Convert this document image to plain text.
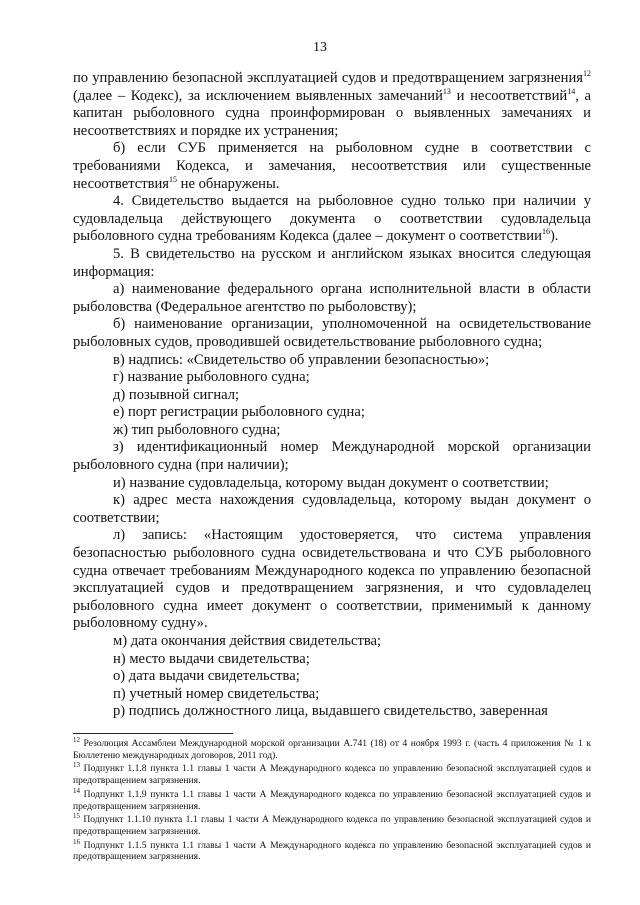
13

по управлению безопасной эксплуатацией судов и предотвращением загрязнения$^{12}$ (далее – Кодекс), за исключением выявленных замечаний$^{13}$ и несоответствий$^{14}$, а капитан рыболовного судна проинформирован о выявленных замечаниях и несоответствиях и порядке их устранения;

б) если СУБ применяется на рыболовном судне в соответствии с требованиями Кодекса, и замечания, несоответствия или существенные несоответствия$^{15}$ не обнаружены.

4. Свидетельство выдается на рыболовное судно только при наличии у судовладельца действующего документа о соответствии судовладельца рыболовного судна требованиям Кодекса (далее – документ о соответствии$^{16}$).

5. В свидетельство на русском и английском языках вносится следующая информация:

а) наименование федерального органа исполнительной власти в области рыболовства (Федеральное агентство по рыболовству);

б) наименование организации, уполномоченной на освидетельствование рыболовных судов, проводившей освидетельствование рыболовного судна;

в) надпись: «Свидетельство об управлении безопасностью»;

г) название рыболовного судна;

д) позывной сигнал;

е) порт регистрации рыболовного судна;

ж) тип рыболовного судна;

з) идентификационный номер Международной морской организации рыболовного судна (при наличии);

и) название судовладельца, которому выдан документ о соответствии;

к) адрес места нахождения судовладельца, которому выдан документ о соответствии;

л) запись: «Настоящим удостоверяется, что система управления безопасностью рыболовного судна освидетельствована и что СУБ рыболовного судна отвечает требованиям Международного кодекса по управлению безопасной эксплуатацией судов и предотвращением загрязнения, и что судовладелец рыболовного судна имеет документ о соответствии, применимый к данному рыболовному судну».

м) дата окончания действия свидетельства;

н) место выдачи свидетельства;

о) дата выдачи свидетельства;

п) учетный номер свидетельства;

р) подпись должностного лица, выдавшего свидетельство, заверенная

$^{12}$ Резолюция Ассамблеи Международной морской организации А.741 (18) от 4 ноября 1993 г. (часть 4 приложения № 1 к Бюллетеню международных договоров, 2011 год).

$^{13}$ Подпункт 1.1.8 пункта 1.1 главы 1 части А Международного кодекса по управлению безопасной эксплуатацией судов и предотвращением загрязнения.

$^{14}$ Подпункт 1.1.9 пункта 1.1 главы 1 части А Международного кодекса по управлению безопасной эксплуатацией судов и предотвращением загрязнения.

$^{15}$ Подпункт 1.1.10 пункта 1.1 главы 1 части А Международного кодекса по управлению безопасной эксплуатацией судов и предотвращением загрязнения.

$^{16}$ Подпункт 1.1.5 пункта 1.1 главы 1 части А Международного кодекса по управлению безопасной эксплуатацией судов и предотвращением загрязнения.
